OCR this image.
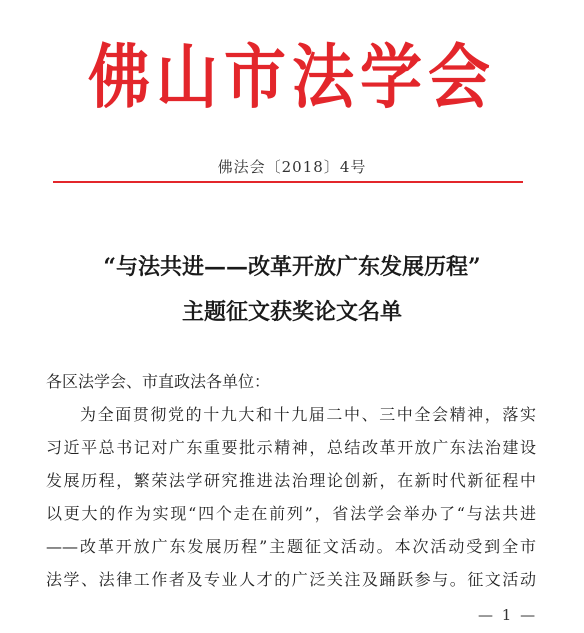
佛山市法学会
佛法会〔2018〕4号
“与法共进——改革开放广东发展历程”
主题征文获奖论文名单
各区法学会、市直政法各单位：
为全面贯彻党的十九大和十九届二中、三中全会精神，落实
习近平总书记对广东重要批示精神，总结改革开放广东法治建设
发展历程，繁荣法学研究推进法治理论创新，在新时代新征程中
以更大的作为实现“四个走在前列”，省法学会举办了“与法共进
——改革开放广东发展历程”主题征文活动。本次活动受到全市
法学、法律工作者及专业人才的广泛关注及踊跃参与。征文活动
— 1 —
